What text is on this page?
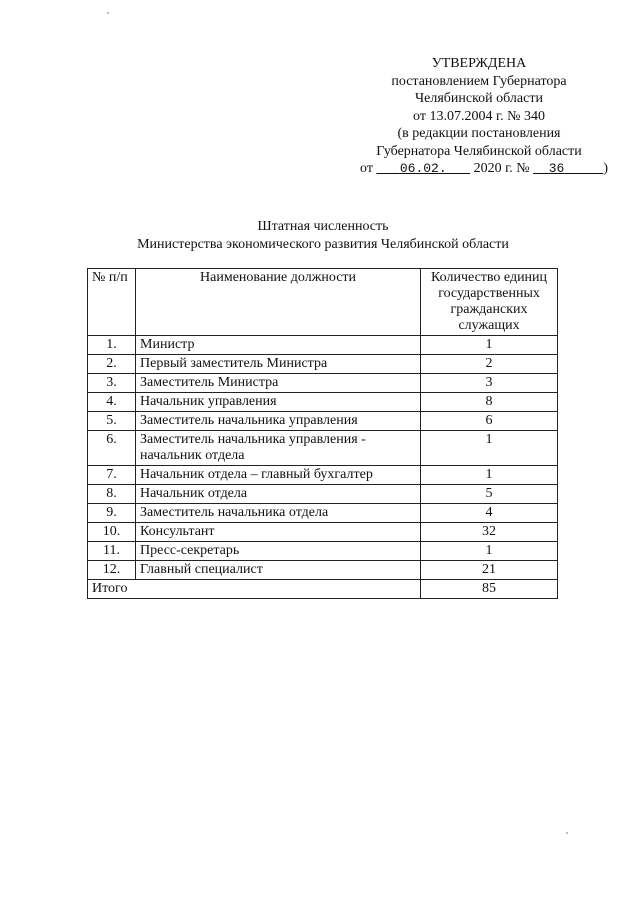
УТВЕРЖДЕНА
постановлением Губернатора
Челябинской области
от 13.07.2004 г. № 340
(в редакции постановления
Губернатора Челябинской области
от 06.02. 2020 г. № 36	)
Штатная численность
Министерства экономического развития Челябинской области
№ п/п	Наименование должности	Количество единиц государственных гражданских служащих
1.	Министр	1
2.	Первый заместитель Министра	2
3.	Заместитель Министра	3
4.	Начальник управления	8
5.	Заместитель начальника управления	6
6.	Заместитель начальника управления - начальник отдела	1
7.	Начальник отдела – главный бухгалтер	1
8.	Начальник отдела	5
9.	Заместитель начальника отдела	4
10.	Консультант	32
11.	Пресс-секретарь	1
12.	Главный специалист	21
Итого		85
